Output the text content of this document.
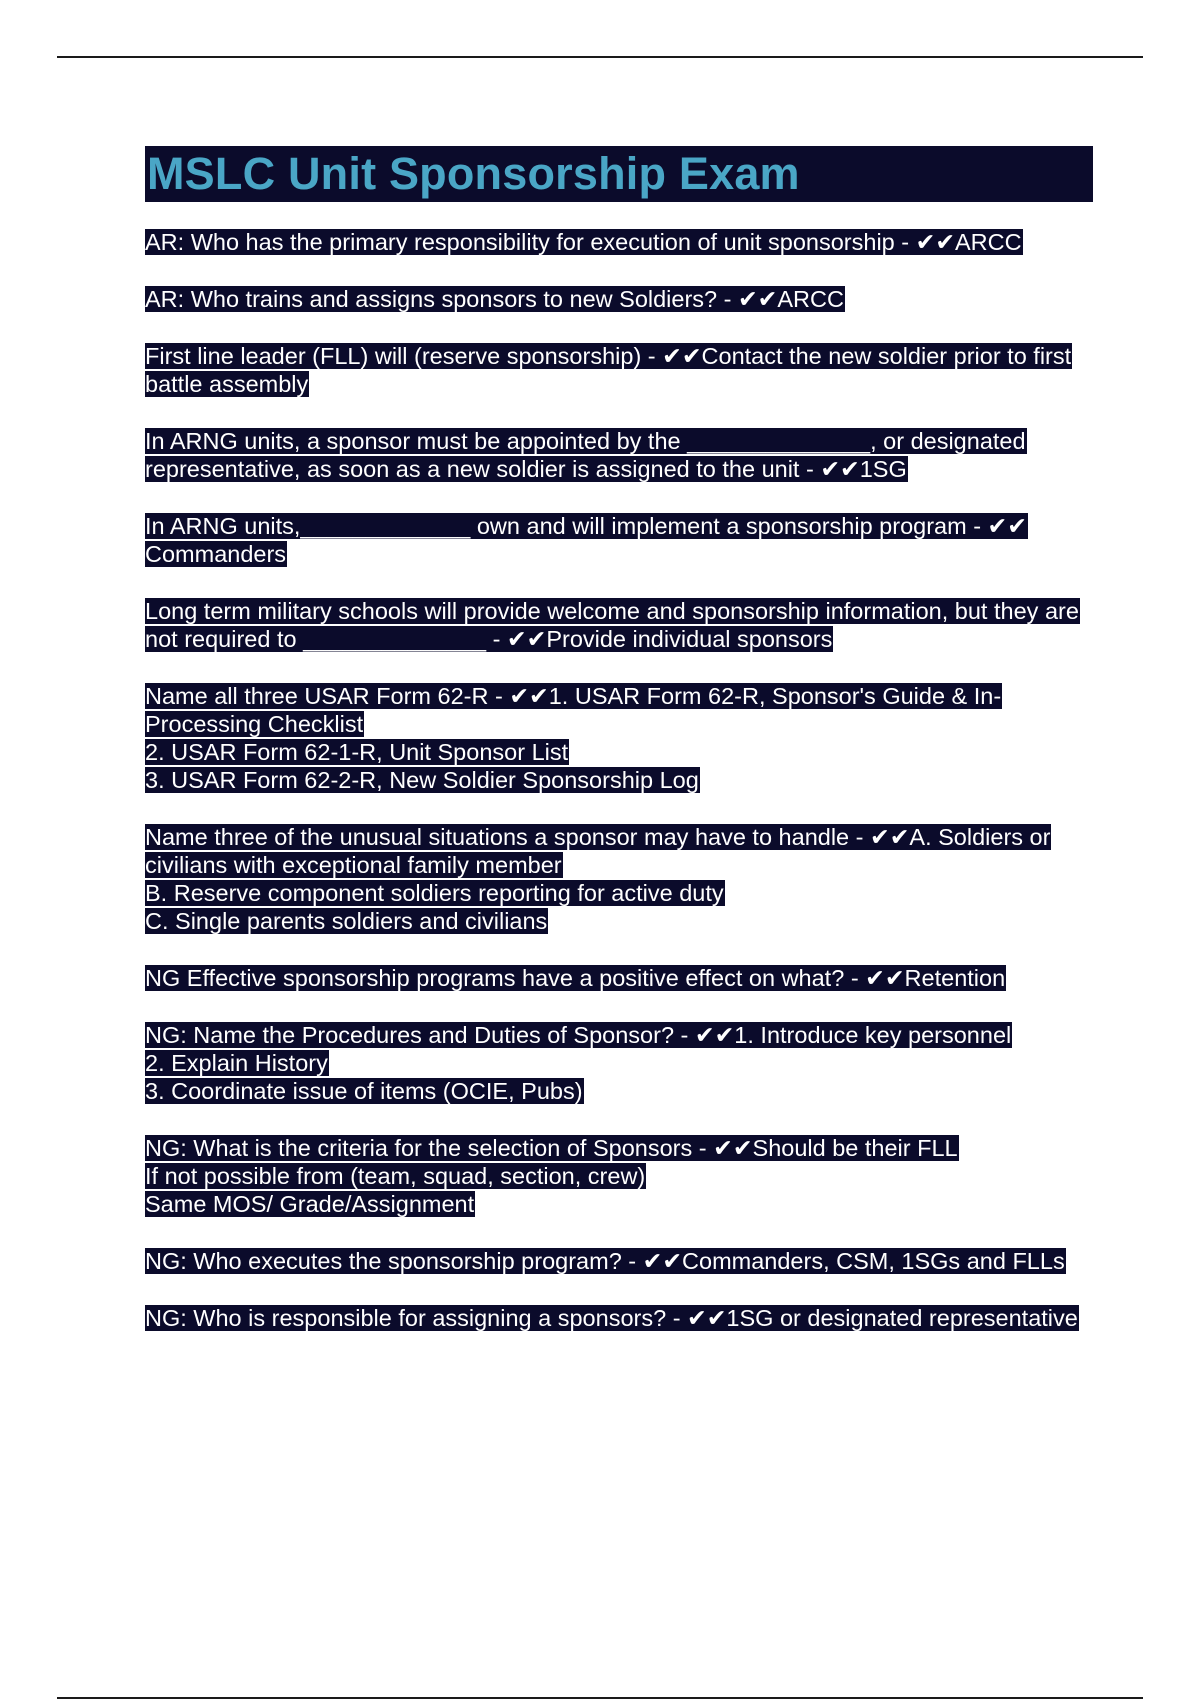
MSLC Unit Sponsorship Exam

AR: Who has the primary responsibility for execution of unit sponsorship - ✔✔ARCC

AR: Who trains and assigns sponsors to new Soldiers? - ✔✔ARCC

First line leader (FLL) will (reserve sponsorship) - ✔✔Contact the new soldier prior to first battle assembly

In ARNG units, a sponsor must be appointed by the ______________, or designated representative, as soon as a new soldier is assigned to the unit - ✔✔1SG

In ARNG units,_____________ own and will implement a sponsorship program - ✔✔ Commanders

Long term military schools will provide welcome and sponsorship information, but they are not required to ______________ - ✔✔Provide individual sponsors

Name all three USAR Form 62-R - ✔✔1. USAR Form 62-R, Sponsor's Guide & In-Processing Checklist

2. USAR Form 62-1-R, Unit Sponsor List

3. USAR Form 62-2-R, New Soldier Sponsorship Log

Name three of the unusual situations a sponsor may have to handle - ✔✔A. Soldiers or civilians with exceptional family member

B. Reserve component soldiers reporting for active duty

C. Single parents soldiers and civilians

NG Effective sponsorship programs have a positive effect on what? - ✔✔Retention

NG: Name the Procedures and Duties of Sponsor? - ✔✔1. Introduce key personnel

2. Explain History

3. Coordinate issue of items (OCIE, Pubs)

NG: What is the criteria for the selection of Sponsors - ✔✔Should be their FLL

If not possible from (team, squad, section, crew)

Same MOS/ Grade/Assignment

NG: Who executes the sponsorship program? - ✔✔Commanders, CSM, 1SGs and FLLs

NG: Who is responsible for assigning a sponsors? - ✔✔1SG or designated representative
